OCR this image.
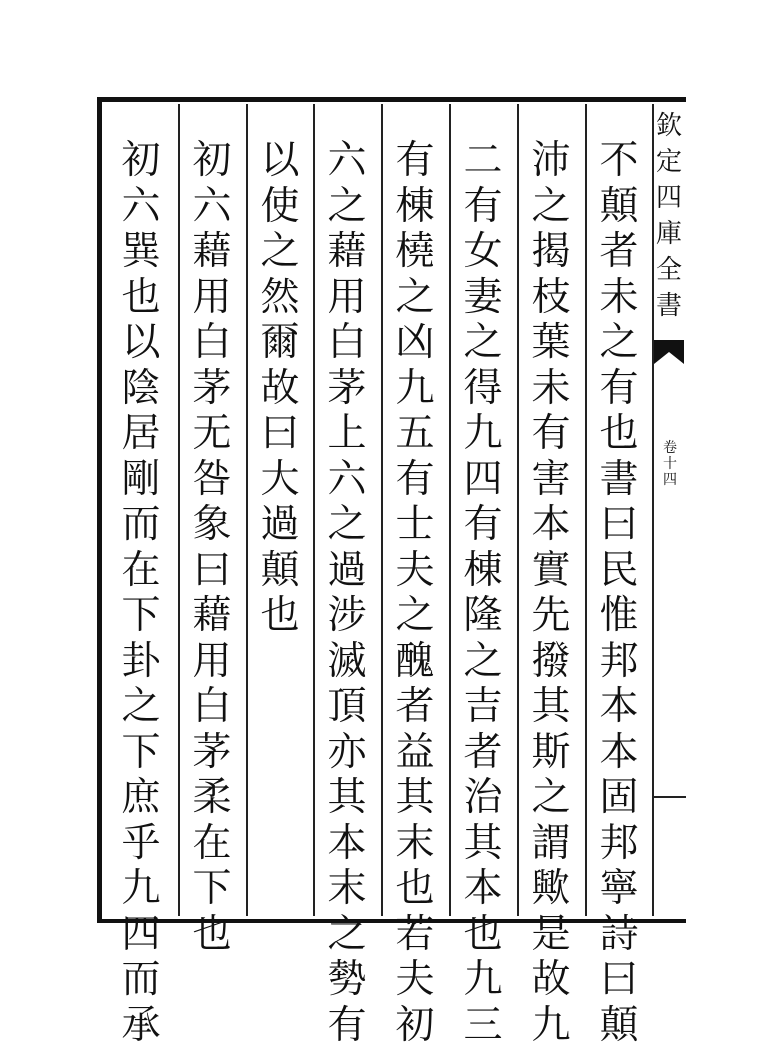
不
顛
者
未
之
有
也
書
曰
民
惟
邦
本
本
固
邦
寧
詩
曰
顛
沛
之
揭
枝
葉
未
有
害
本
實
先
撥
其
斯
之
謂
歟
是
故
九
二
有
女
妻
之
得
九
四
有
棟
隆
之
吉
者
治
其
本
也
九
三
有
棟
橈
之
凶
九
五
有
士
夫
之
醜
者
益
其
末
也
若
夫
初
六
之
藉
用
白
茅
上
六
之
過
涉
滅
頂
亦
其
本
末
之
勢
有
以
使
之
然
爾
故
曰
大
過
顛
也
初
六
藉
用
白
茅
无
咎
象
曰
藉
用
白
茅
柔
在
下
也
初
六
巽
也
以
陰
居
剛
而
在
下
卦
之
下
庶
乎
九
四
而
承
欽
定
四
庫
全
書
卷
十
四
